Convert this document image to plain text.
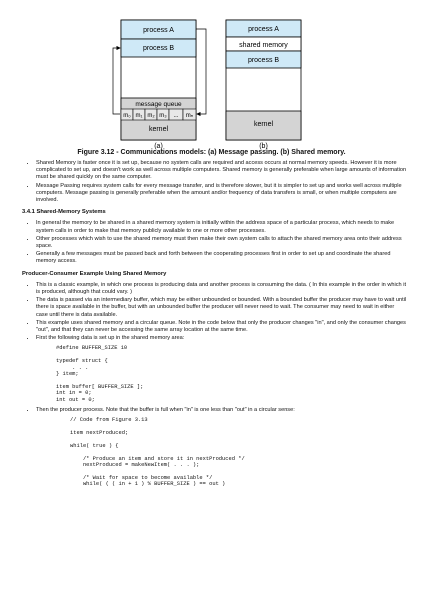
process A
process B
message queue
m₀ m₁ m₂ m₃ ... mₙ
kernel
(a)
process A
shared memory
process B
kernel
(b)
Figure 3.12 - Communications models: (a) Message passing. (b) Shared memory.
• Shared Memory is faster once it is set up, because no system calls are required and access occurs at normal memory speeds. However it is more complicated to set up, and doesn't work as well across multiple computers. Shared memory is generally preferable when large amounts of information must be shared quickly on the same computer.
• Message Passing requires system calls for every message transfer, and is therefore slower, but it is simpler to set up and works well across multiple computers. Message passing is generally preferable when the amount and/or frequency of data transfers is small, or when multiple computers are involved.
3.4.1 Shared-Memory Systems
• In general the memory to be shared in a shared memory system is initially within the address space of a particular process, which needs to make system calls in order to make that memory publicly available to one or more other processes.
• Other processes which wish to use the shared memory must then make their own system calls to attach the shared memory area onto their address space.
• Generally a few messages must be passed back and forth between the cooperating processes first in order to set up and coordinate the shared memory access.
Producer-Consumer Example Using Shared Memory
• This is a classic example, in which one process is producing data and another process is consuming the data. ( In this example in the order in which it is produced, although that could vary. )
• The data is passed via an intermediary buffer, which may be either unbounded or bounded. With a bounded buffer the producer may have to wait until there is space available in the buffer, but with an unbounded buffer the producer will never need to wait. The consumer may need to wait in either case until there is data available.
• This example uses shared memory and a circular queue. Note in the code below that only the producer changes "in", and only the consumer changes "out", and that they can never be accessing the same array location at the same time.
• First the following data is set up in the shared memory area:
#define BUFFER_SIZE 10

typedef struct {
. . .
} item;

item buffer[ BUFFER_SIZE ];
int in = 0;
int out = 0;
• Then the producer process. Note that the buffer is full when "in" is one less than "out" in a circular sense:
// Code from Figure 3.13

item nextProduced;

while( true ) {

/* Produce an item and store it in nextProduced */
nextProduced = makeNewItem( . . . );

/* Wait for space to become available */
while( ( ( in + 1 ) % BUFFER_SIZE ) == out )
